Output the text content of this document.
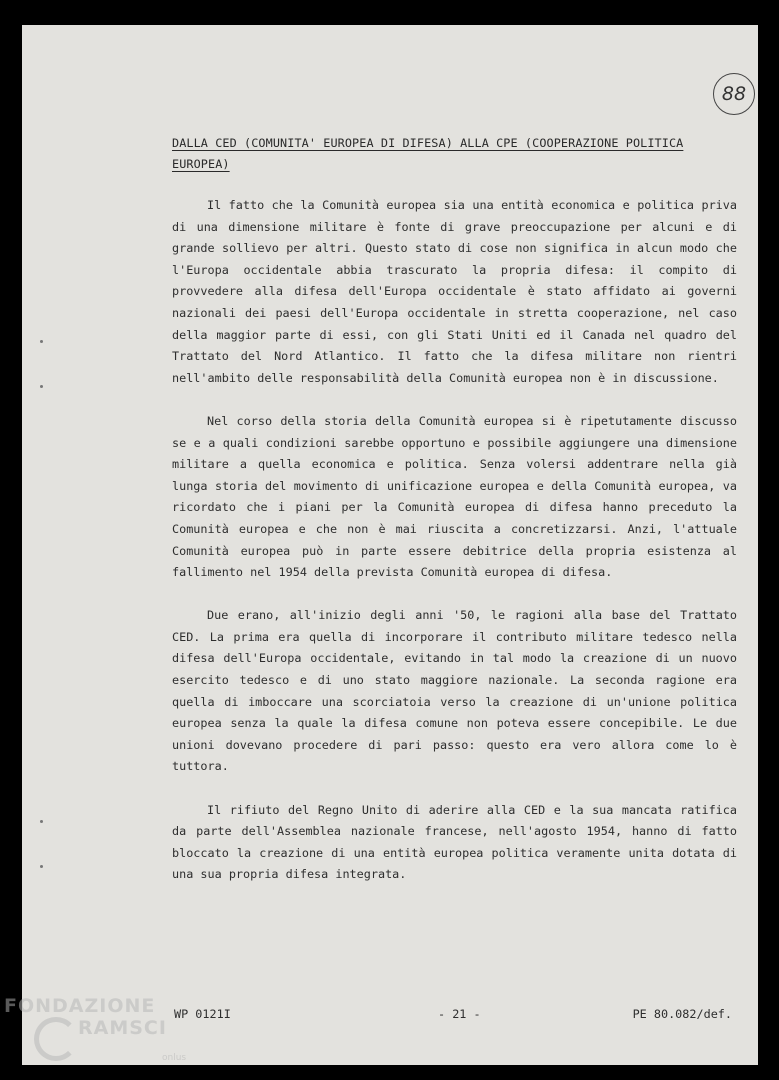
88
DALLA CED (COMUNITA' EUROPEA DI DIFESA) ALLA CPE (COOPERAZIONE POLITICA EUROPEA)

Il fatto che la Comunità europea sia una entità economica e politica priva di una dimensione militare è fonte di grave preoccupazione per alcuni e di grande sollievo per altri. Questo stato di cose non significa in alcun modo che l'Europa occidentale abbia trascurato la propria difesa: il compito di provvedere alla difesa dell'Europa occidentale è stato affidato ai governi nazionali dei paesi dell'Europa occidentale in stretta cooperazione, nel caso della maggior parte di essi, con gli Stati Uniti ed il Canada nel quadro del Trattato del Nord Atlantico. Il fatto che la difesa militare non rientri nell'ambito delle responsabilità della Comunità europea non è in discussione.

Nel corso della storia della Comunità europea si è ripetutamente discusso se e a quali condizioni sarebbe opportuno e possibile aggiungere una dimensione militare a quella economica e politica. Senza volersi addentrare nella già lunga storia del movimento di unificazione europea e della Comunità europea, va ricordato che i piani per la Comunità europea di difesa hanno preceduto la Comunità europea e che non è mai riuscita a concretizzarsi. Anzi, l'attuale Comunità europea può in parte essere debitrice della propria esistenza al fallimento nel 1954 della prevista Comunità europea di difesa.

Due erano, all'inizio degli anni '50, le ragioni alla base del Trattato CED. La prima era quella di incorporare il contributo militare tedesco nella difesa dell'Europa occidentale, evitando in tal modo la creazione di un nuovo esercito tedesco e di uno stato maggiore nazionale. La seconda ragione era quella di imboccare una scorciatoia verso la creazione di un'unione politica europea senza la quale la difesa comune non poteva essere concepibile. Le due unioni dovevano procedere di pari passo: questo era vero allora come lo è tuttora.

Il rifiuto del Regno Unito di aderire alla CED e la sua mancata ratifica da parte dell'Assemblea nazionale francese, nell'agosto 1954, hanno di fatto bloccato la creazione di una entità europea politica veramente unita dotata di una sua propria difesa integrata.

WP 0121I	- 21 -	PE 80.082/def.
FONDAZIONE
RAMSCI
onlus
